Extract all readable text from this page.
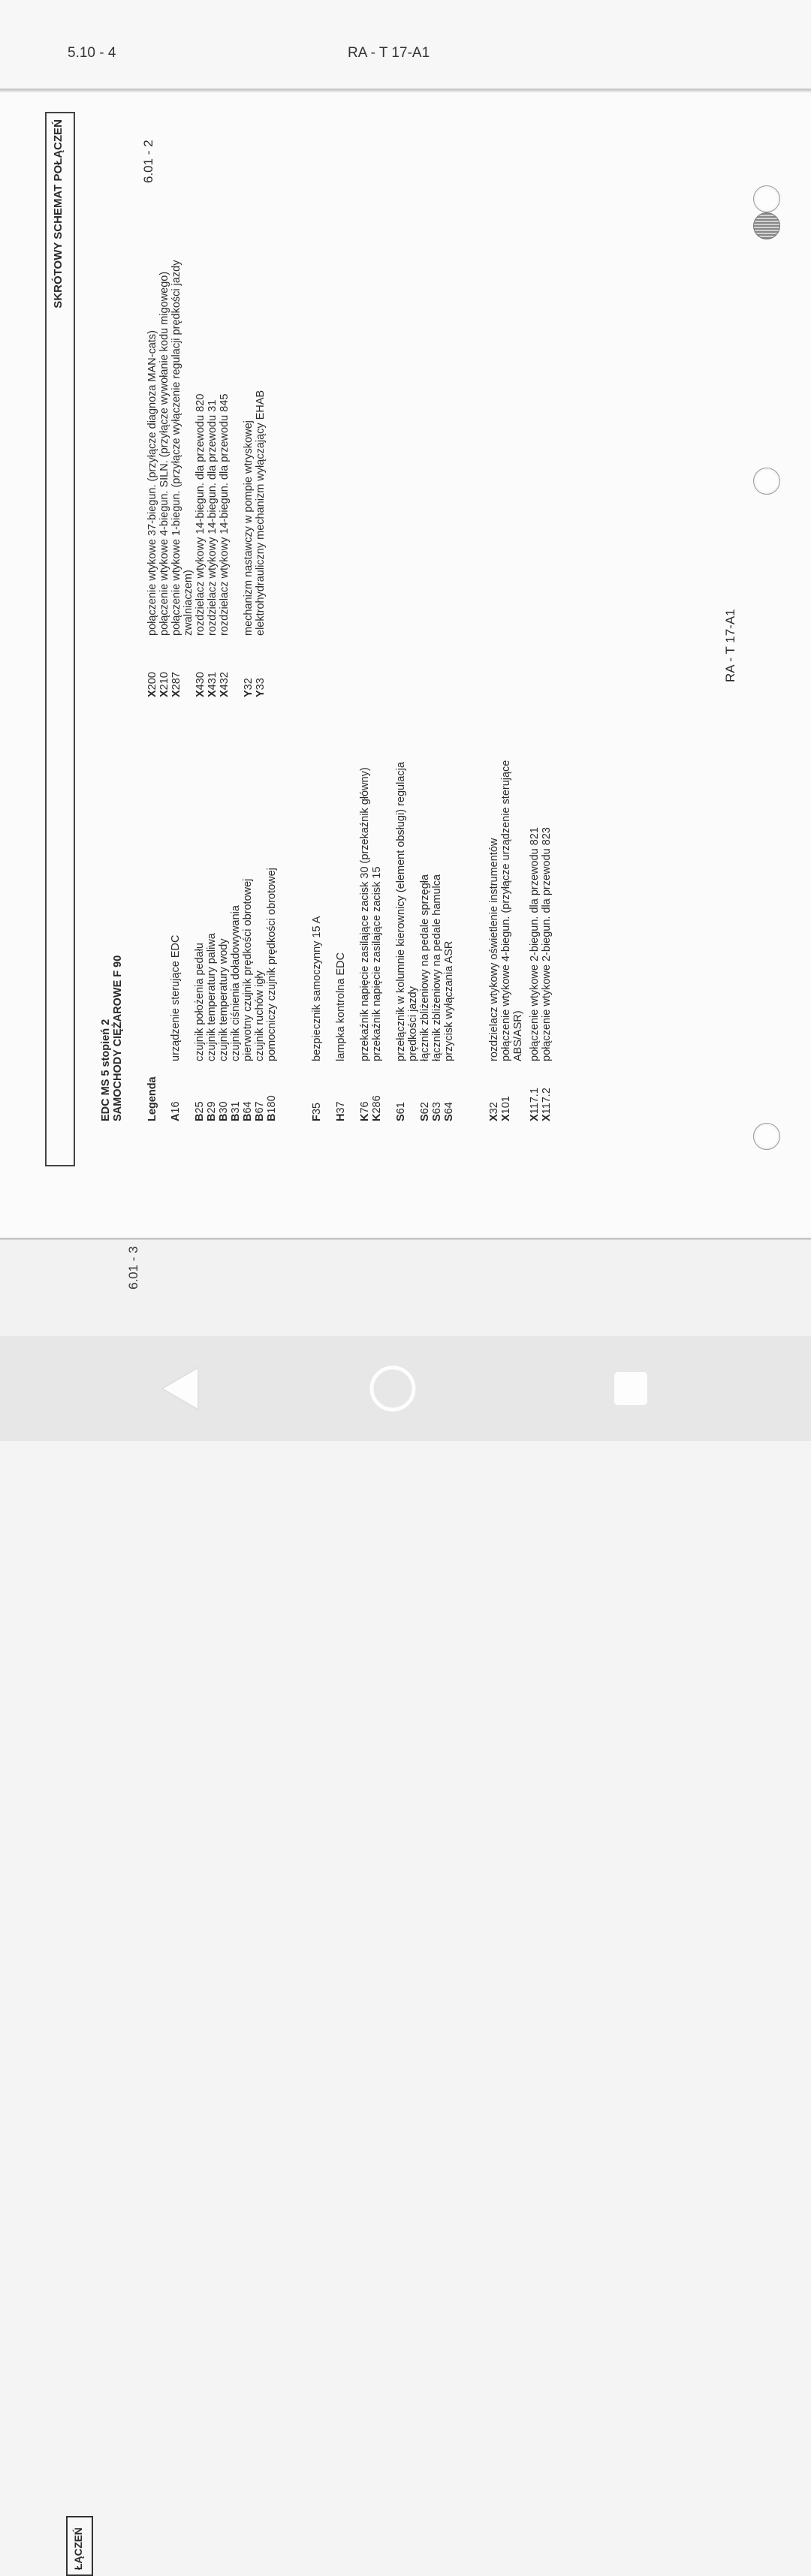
5.10 - 4	RA - T 17-A1
SKRÓTOWY SCHEMAT POŁĄCZEŃ	6.01 - 2
RA - T 17-A1
EDC MS 5 stopień 2 SAMOCHODY CIĘŻAROWE F 90 Legenda A16
urządzenie sterujące EDC
B25
czujnik położenia pedału
B29
czujnik temperatury paliwa
B30
czujnik temperatury wody
B31
czujnik ciśnienia doładowywania
B64
pierwotny czujnik prędkości obrotowej
B67
czujnik ruchów igły
B180
pomocniczy czujnik prędkości obrotowej
F35
bezpiecznik samoczynny 15 A
H37
lampka kontrolna EDC
K76
przekaźnik napięcie zasilające zacisk 30 (przekaźnik główny)
K286
przekaźnik napięcie zasilające zacisk 15
S61
przełącznik w kolumnie kierownicy (element obsługi) regulacja prędkości jazdy
S62
łącznik zbliżeniowy na pedale sprzęgła
S63
łącznik zbliżeniowy na pedale hamulca
S64
przycisk wyłączania ASR
X32
rozdzielacz wtykowy oświetlenie instrumentów
X101
połączenie wtykowe 4-biegun. (przyłącze urządzenie sterujące ABS/ASR)
X117.1
połączenie wtykowe 2-biegun. dla przewodu 821
X117.2
połączenie wtykowe 2-biegun. dla przewodu 823
X200
połączenie wtykowe 37-biegun. (przyłącze diagnoza MAN-cats)
X210
połączenie wtykowe 4-biegun. SILN. (przyłącze wywołanie kodu migowego)
X287
połączenie wtykowe 1-biegun. (przyłącze wyłączenie regulacji prędkości jazdy zwalniaczem)
X430
rozdzielacz wtykowy 14-biegun. dla przewodu 820
X431
rozdzielacz wtykowy 14-biegun. dla przewodu 31
X432
rozdzielacz wtykowy 14-biegun. dla przewodu 845
Y32
mechanizm nastawczy w pompie wtryskowej
Y33
elektrohydrauliczny mechanizm wyłączający EHAB
ŁĄCZEŃ
6.01 - 3
